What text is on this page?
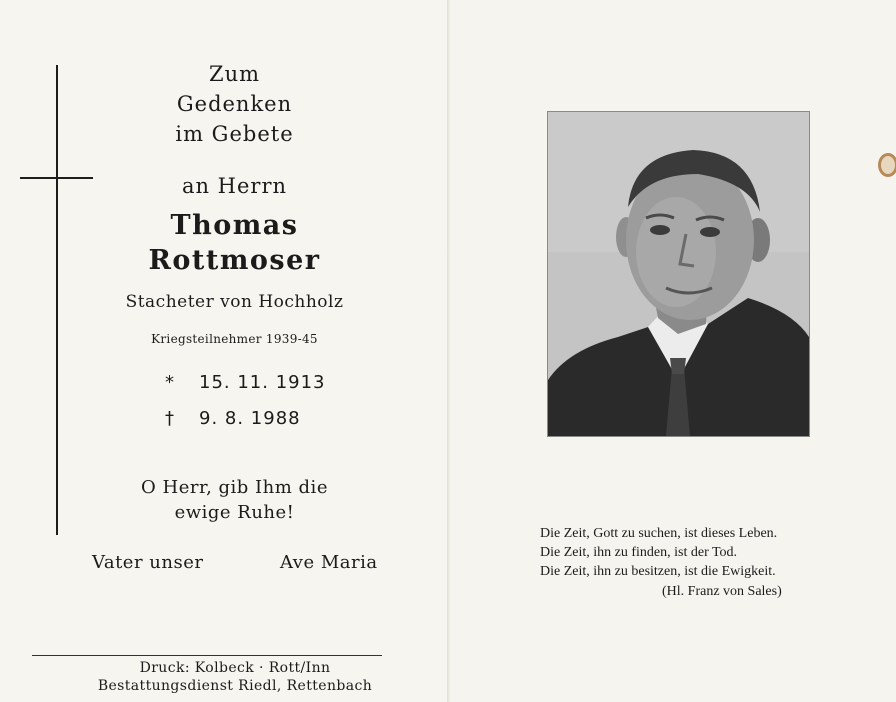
Zum
Gedenken
im Gebete
an Herrn
Thomas
Rottmoser
Stacheter von Hochholz
Kriegsteilnehmer 1939-45
* 15. 11. 1913
† 9. 8. 1988
O Herr, gib Ihm die
ewige Ruhe!
Vater unser	Ave Maria
Druck: Kolbeck · Rott/Inn
Bestattungsdienst Riedl, Rettenbach
Die Zeit, Gott zu suchen, ist dieses Leben.
Die Zeit, ihn zu finden, ist der Tod.
Die Zeit, ihn zu besitzen, ist die Ewigkeit.
(Hl. Franz von Sales)
